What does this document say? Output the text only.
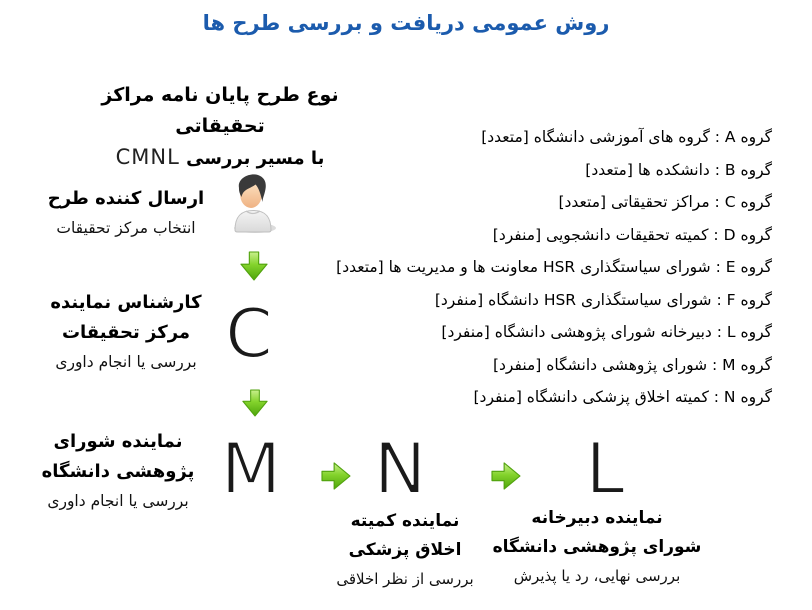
روش عمومی دریافت و بررسی طرح ها
نوع طرح پایان نامه مراکز تحقیقاتی
با مسیر بررسی CMNL
ارسال کننده طرح
انتخاب مرکز تحقیقات
کارشناس نماینده
مرکز تحقیقات
بررسی یا انجام داوری
نماینده شورای
پژوهشی دانشگاه
بررسی یا انجام داوری
C
M N L
نماینده کمیته
اخلاق پزشکی
بررسی از نظر اخلاقی
نماینده دبیرخانه
شورای پژوهشی دانشگاه
بررسی نهایی، رد یا پذیرش
گروه A : گروه های آموزشی دانشگاه [متعدد]
گروه B : دانشکده ها [متعدد]
گروه C : مراکز تحقیقاتی [متعدد]
گروه D : کمیته تحقیقات دانشجویی [منفرد]
گروه E : شورای سیاستگذاری HSR معاونت ها و مدیریت ها [متعدد]
گروه F : شورای سیاستگذاری HSR دانشگاه [منفرد]
گروه L : دبیرخانه شورای پژوهشی دانشگاه [منفرد]
گروه M : شورای پژوهشی دانشگاه [منفرد]
گروه N : کمیته اخلاق پزشکی دانشگاه [منفرد]
